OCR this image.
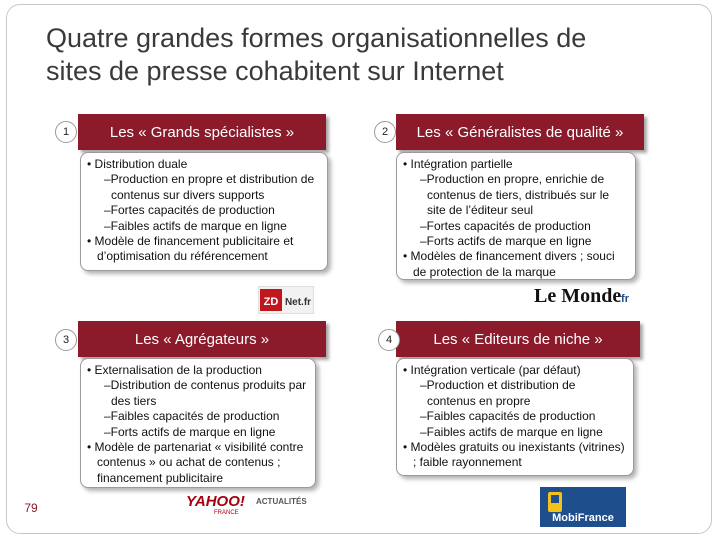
Quatre grandes formes organisationnelles de
sites de presse cohabitent sur Internet
Les « Grands spécialistes »
1
• Distribution duale
–Production en propre et distribution de contenus sur divers supports
–Fortes capacités de production
–Faibles actifs de marque en ligne
• Modèle de financement publicitaire et d’optimisation du référencement
ZD Net.fr
Les « Généralistes de qualité »
2
• Intégration partielle
–Production en propre, enrichie de contenus de tiers, distribués sur le site de l’éditeur seul
–Fortes capacités de production
–Forts actifs de marque en ligne
• Modèles de financement divers ; souci de protection de la marque
Le Monde
.fr
Les « Agrégateurs »
3
• Externalisation de la production
–Distribution de contenus produits par des tiers
–Faibles capacités de production
–Forts actifs de marque en ligne
• Modèle de partenariat « visibilité contre contenus » ou achat de contenus ; financement publicitaire
YAHOO!
FRANCE
ACTUALITÉS
Les « Editeurs de niche »
4
• Intégration verticale (par défaut)
–Production et distribution de contenus en propre
–Faibles capacités de production
–Faibles actifs de marque en ligne
• Modèles gratuits ou inexistants (vitrines) ; faible rayonnement
MobiFrance
79
